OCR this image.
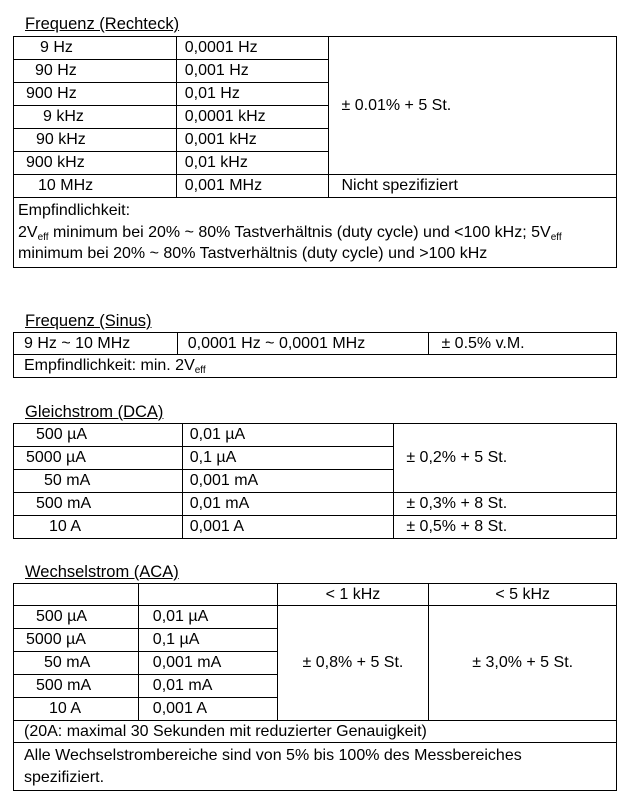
Frequenz (Rechteck)
9 Hz	0,0001 Hz	± 0.01% + 5 St.
90 Hz	0,001 Hz	
900 Hz	0,01 Hz	
9 kHz	0,0001 kHz	
90 kHz	0,001 kHz	
900 kHz	0,01 kHz	
10 MHz	0,001 MHz	Nicht spezifiziert
Empfindlichkeit:
$2V_{eff}$ minimum bei 20% ~ 80% Tastverhältnis (duty cycle) und <100 kHz; $5V_{eff}$ minimum bei 20% ~ 80% Tastverhältnis (duty cycle) und >100 kHz		
Frequenz (Sinus)
9 Hz ~ 10 MHz	0,0001 Hz ~ 0,0001 MHz	± 0.5% v.M.
Empfindlichkeit: min. $2V_{eff}$
Gleichstrom (DCA)
500 µA	0,01 µA	± 0,2% + 5 St.
5000 µA	0,1 µA	
50 mA	0,001 mA	
500 mA	0,01 mA	± 0,3% + 8 St.
10 A	0,001 A	± 0,5% + 8 St.
Wechselstrom (ACA)
		< 1 kHz	< 5 kHz
500 µA	0,01 µA	± 0,8% + 5 St.	± 3,0% + 5 St.
5000 µA	0,1 µA		
50 mA	0,001 mA		
500 mA	0,01 mA		
10 A	0,001 A		
(20A: maximal 30 Sekunden mit reduzierter Genauigkeit)			
Alle Wechselstrombereiche sind von 5% bis 100% des Messbereiches spezifiziert.			
